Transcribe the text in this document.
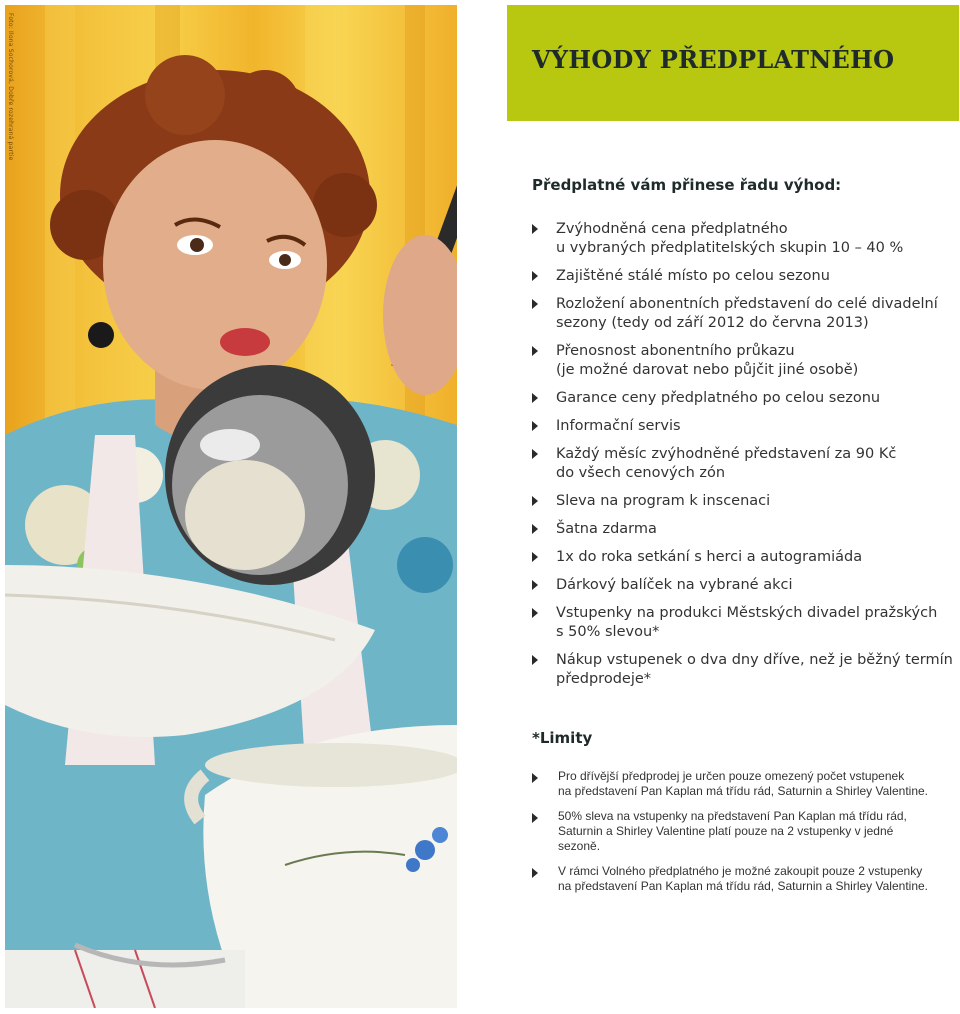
Foto: Ilona Sochorová, Dobře rozehraná partie	VÝHODY PŘEDPLATNÉHO

Předplatné vám přinese řadu výhod:

Zvýhodněná cena předplatného
u vybraných předplatitelských skupin 10 – 40 %
Zajištěné stálé místo po celou sezonu
Rozložení abonentních představení do celé divadelní
sezony (tedy od září 2012 do června 2013)
Přenosnost abonentního průkazu
(je možné darovat nebo půjčit jiné osobě)
Garance ceny předplatného po celou sezonu
Informační servis
Každý měsíc zvýhodněné představení za 90 Kč
do všech cenových zón
Sleva na program k inscenaci
Šatna zdarma
1x do roka setkání s herci a autogramiáda
Dárkový balíček na vybrané akci
Vstupenky na produkci Městských divadel pražských
s 50% slevou*
Nákup vstupenek o dva dny dříve, než je běžný termín
předprodeje*
*Limity
Pro dřívější předprodej je určen pouze omezený počet vstupenek
na představení Pan Kaplan má třídu rád, Saturnin a Shirley Valentine.
50% sleva na vstupenky na představení Pan Kaplan má třídu rád,
Saturnin a Shirley Valentine platí pouze na 2 vstupenky v jedné
sezoně.
V rámci Volného předplatného je možné zakoupit pouze 2 vstupenky
na představení Pan Kaplan má třídu rád, Saturnin a Shirley Valentine.
